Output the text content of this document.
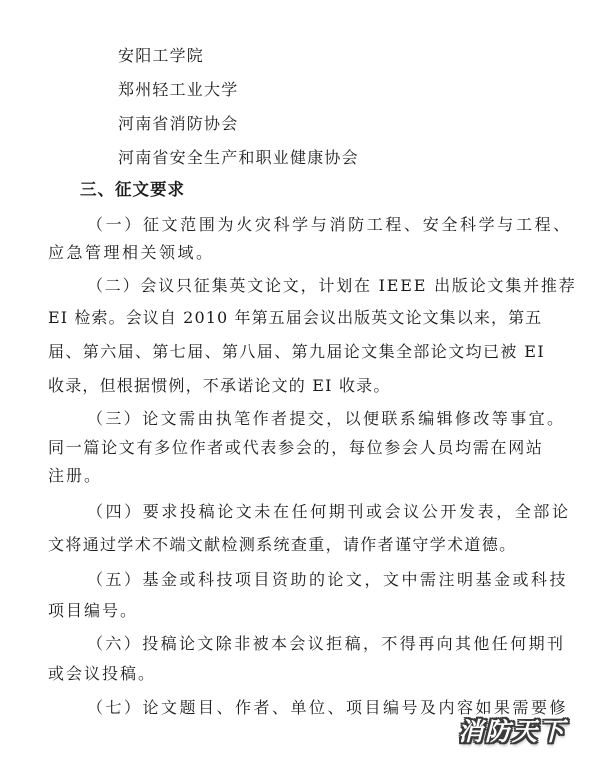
安阳工学院
郑州轻工业大学
河南省消防协会
河南省安全生产和职业健康协会
三、征文要求
（一）征文范围为火灾科学与消防工程、安全科学与工程、
应急管理相关领域。
（二）会议只征集英文论文，计划在 IEEE 出版论文集并推荐
EI 检索。会议自 2010 年第五届会议出版英文论文集以来，第五
届、第六届、第七届、第八届、第九届论文集全部论文均已被 EI
收录，但根据惯例，不承诺论文的 EI 收录。
（三）论文需由执笔作者提交，以便联系编辑修改等事宜。
同一篇论文有多位作者或代表参会的，每位参会人员均需在网站
注册。
（四）要求投稿论文未在任何期刊或会议公开发表，全部论
文将通过学术不端文献检测系统查重，请作者谨守学术道德。
（五）基金或科技项目资助的论文，文中需注明基金或科技
项目编号。
（六）投稿论文除非被本会议拒稿，不得再向其他任何期刊
或会议投稿。
（七）论文题目、作者、单位、项目编号及内容如果需要修
消防天下
